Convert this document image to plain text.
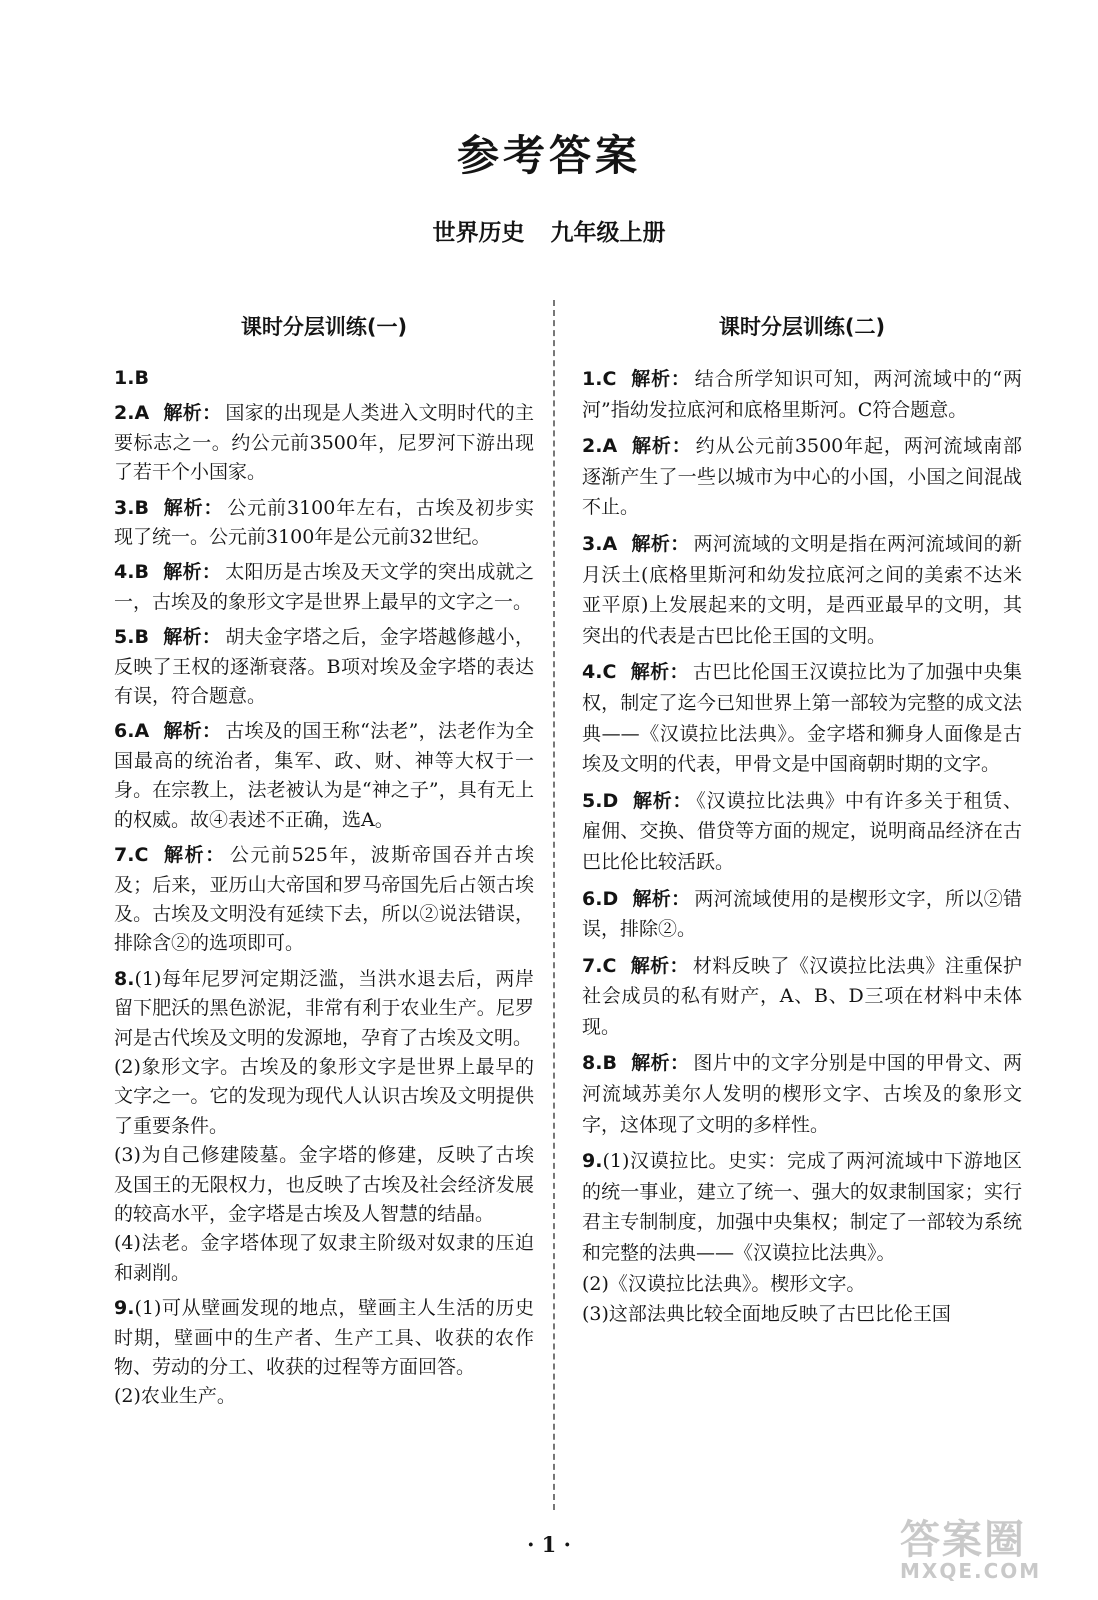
参考答案
世界历史 九年级上册
课时分层训练(一)
1.B
2.A 解析： 国家的出现是人类进入文明时代的主要标志之一。约公元前3500年，尼罗河下游出现了若干个小国家。
3.B 解析： 公元前3100年左右，古埃及初步实现了统一。公元前3100年是公元前32世纪。
4.B 解析： 太阳历是古埃及天文学的突出成就之一，古埃及的象形文字是世界上最早的文字之一。
5.B 解析： 胡夫金字塔之后，金字塔越修越小，反映了王权的逐渐衰落。B项对埃及金字塔的表达有误，符合题意。
6.A 解析： 古埃及的国王称“法老”，法老作为全国最高的统治者，集军、政、财、神等大权于一身。在宗教上，法老被认为是“神之子”，具有无上的权威。故④表述不正确，选A。
7.C 解析： 公元前525年，波斯帝国吞并古埃及；后来，亚历山大帝国和罗马帝国先后占领古埃及。古埃及文明没有延续下去，所以②说法错误，排除含②的选项即可。
8.(1)每年尼罗河定期泛滥，当洪水退去后，两岸留下肥沃的黑色淤泥，非常有利于农业生产。尼罗河是古代埃及文明的发源地，孕育了古埃及文明。
(2)象形文字。古埃及的象形文字是世界上最早的文字之一。它的发现为现代人认识古埃及文明提供了重要条件。
(3)为自己修建陵墓。金字塔的修建，反映了古埃及国王的无限权力，也反映了古埃及社会经济发展的较高水平，金字塔是古埃及人智慧的结晶。
(4)法老。金字塔体现了奴隶主阶级对奴隶的压迫和剥削。
9.(1)可从壁画发现的地点，壁画主人生活的历史时期，壁画中的生产者、生产工具、收获的农作物、劳动的分工、收获的过程等方面回答。
(2)农业生产。
课时分层训练(二)
1.C 解析： 结合所学知识可知，两河流域中的“两河”指幼发拉底河和底格里斯河。C符合题意。
2.A 解析： 约从公元前3500年起，两河流域南部逐渐产生了一些以城市为中心的小国，小国之间混战不止。
3.A 解析： 两河流域的文明是指在两河流域间的新月沃土(底格里斯河和幼发拉底河之间的美索不达米亚平原)上发展起来的文明，是西亚最早的文明，其突出的代表是古巴比伦王国的文明。
4.C 解析： 古巴比伦国王汉谟拉比为了加强中央集权，制定了迄今已知世界上第一部较为完整的成文法典——《汉谟拉比法典》。金字塔和狮身人面像是古埃及文明的代表，甲骨文是中国商朝时期的文字。
5.D 解析： 《汉谟拉比法典》中有许多关于租赁、雇佣、交换、借贷等方面的规定，说明商品经济在古巴比伦比较活跃。
6.D 解析： 两河流域使用的是楔形文字，所以②错误，排除②。
7.C 解析： 材料反映了《汉谟拉比法典》注重保护社会成员的私有财产，A、B、D三项在材料中未体现。
8.B 解析： 图片中的文字分别是中国的甲骨文、两河流域苏美尔人发明的楔形文字、古埃及的象形文字，这体现了文明的多样性。
9.(1)汉谟拉比。史实：完成了两河流域中下游地区的统一事业，建立了统一、强大的奴隶制国家；实行君主专制制度，加强中央集权；制定了一部较为系统和完整的法典——《汉谟拉比法典》。
(2)《汉谟拉比法典》。楔形文字。
(3)这部法典比较全面地反映了古巴比伦王国
· 1 ·	答案圈
MXQE.COM
